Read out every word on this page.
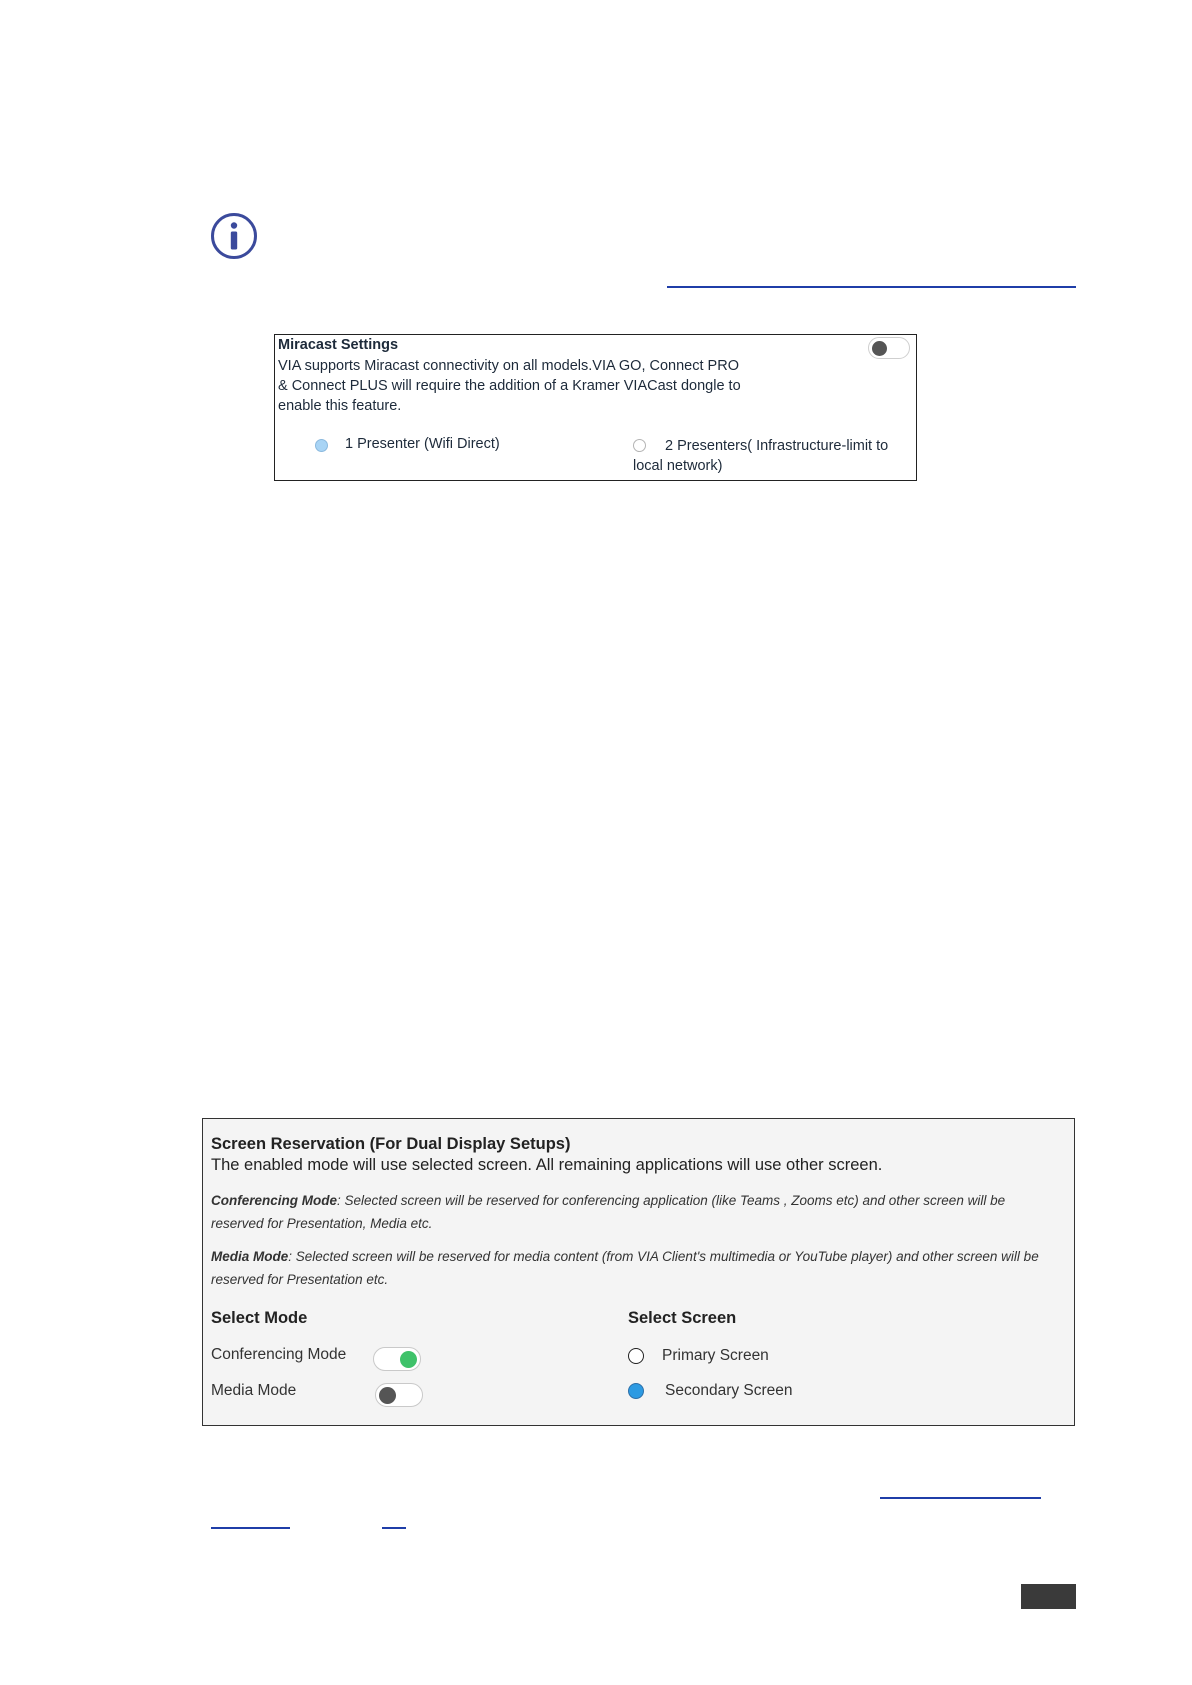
Miracast Settings
VIA supports Miracast connectivity on all models.VIA GO, Connect PRO & Connect PLUS will require the addition of a Kramer VIACast dongle to enable this feature.
1 Presenter (Wifi Direct)	2 Presenters( Infrastructure-limit to local network)
Screen Reservation (For Dual Display Setups)
The enabled mode will use selected screen. All remaining applications will use other screen.
Conferencing Mode: Selected screen will be reserved for conferencing application (like Teams , Zooms etc) and other screen will be reserved for Presentation, Media etc.
Media Mode: Selected screen will be reserved for media content (from VIA Client's multimedia or YouTube player) and other screen will be reserved for Presentation etc.
Select Mode	Select Screen
Conferencing Mode
Media Mode
Primary Screen
Secondary Screen
